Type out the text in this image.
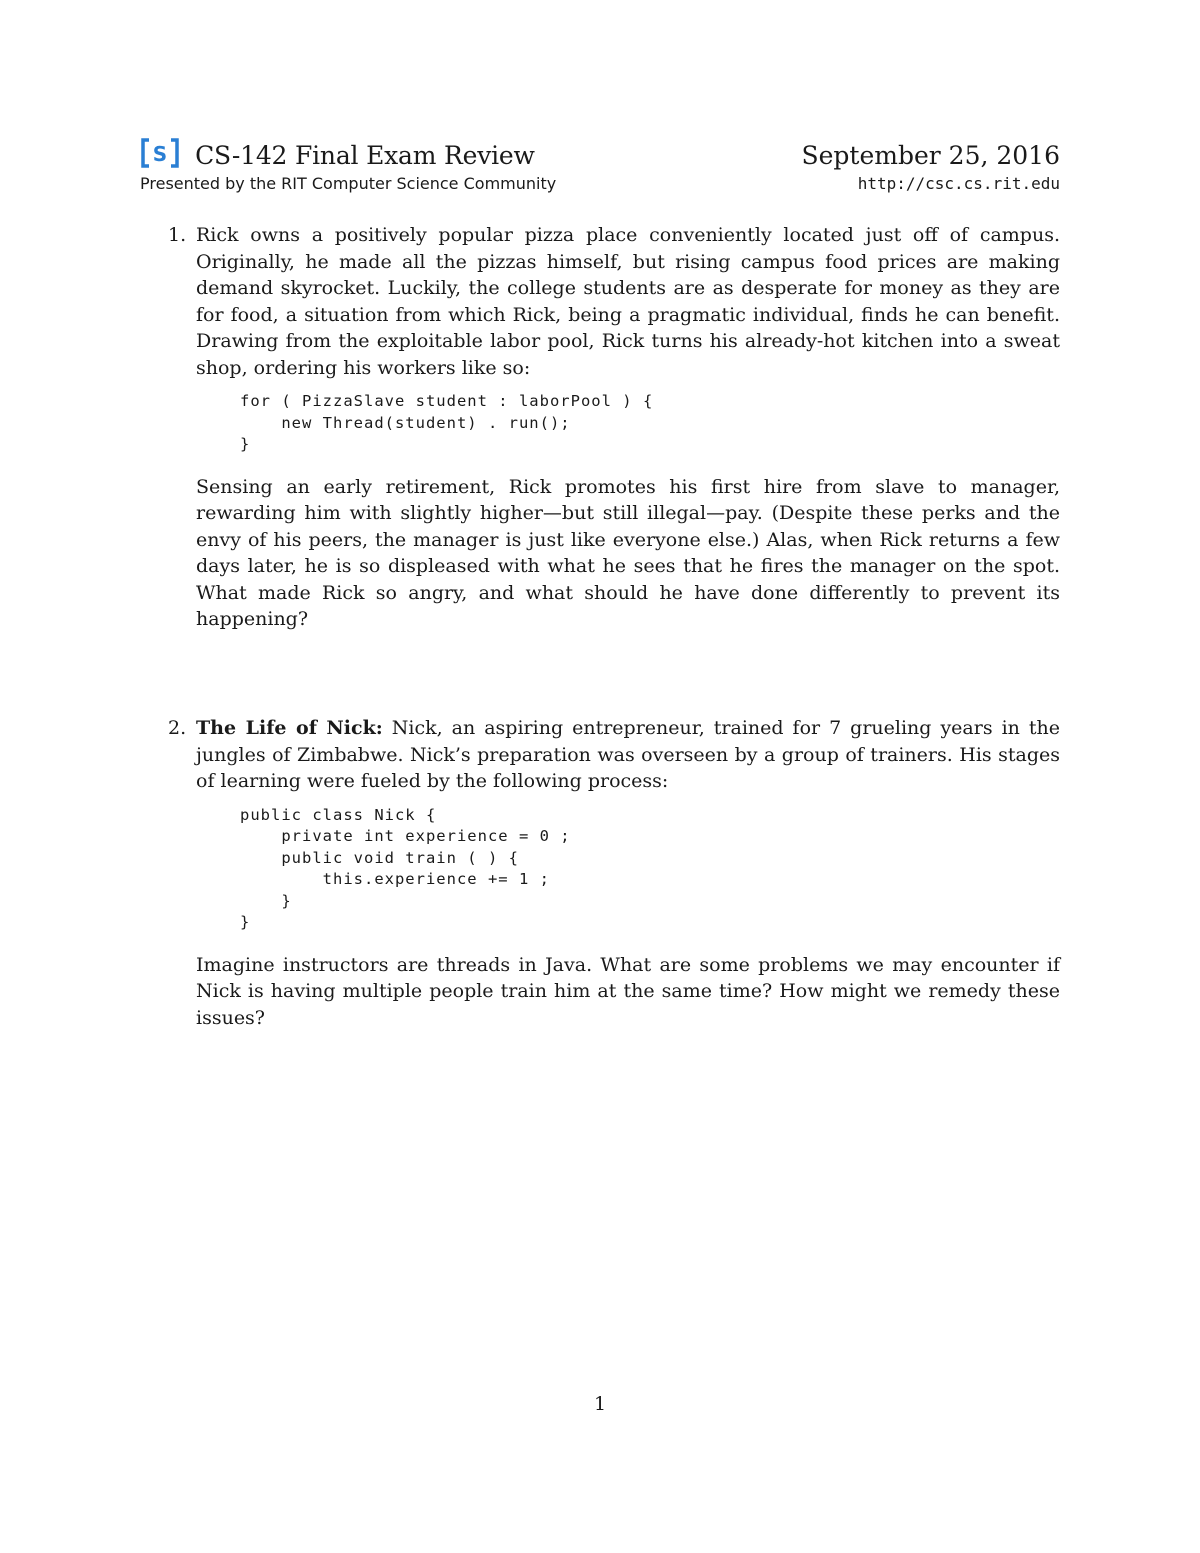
S CS-142 Final Exam Review	September 25, 2016
Presented by the RIT Computer Science Community	http://csc.cs.rit.edu
1. Rick owns a positively popular pizza place conveniently located just off of campus. Originally, he made all the pizzas himself, but rising campus food prices are making demand skyrocket. Luckily, the college students are as desperate for money as they are for food, a situation from which Rick, being a pragmatic individual, finds he can benefit. Drawing from the exploitable labor pool, Rick turns his already-hot kitchen into a sweat shop, ordering his workers like so:
for ( PizzaSlave student : laborPool ) {
new Thread(student) . run();
}
Sensing an early retirement, Rick promotes his first hire from slave to manager, rewarding him with slightly higher—but still illegal—pay. (Despite these perks and the envy of his peers, the manager is just like everyone else.) Alas, when Rick returns a few days later, he is so displeased with what he sees that he fires the manager on the spot. What made Rick so angry, and what should he have done differently to prevent its happening?
2. The Life of Nick: Nick, an aspiring entrepreneur, trained for 7 grueling years in the jungles of Zimbabwe. Nick’s preparation was overseen by a group of trainers. His stages of learning were fueled by the following process:
public class Nick {
private int experience = 0 ;
public void train ( ) {
this.experience += 1 ;
}
}
Imagine instructors are threads in Java. What are some problems we may encounter if Nick is having multiple people train him at the same time? How might we remedy these issues?
1
